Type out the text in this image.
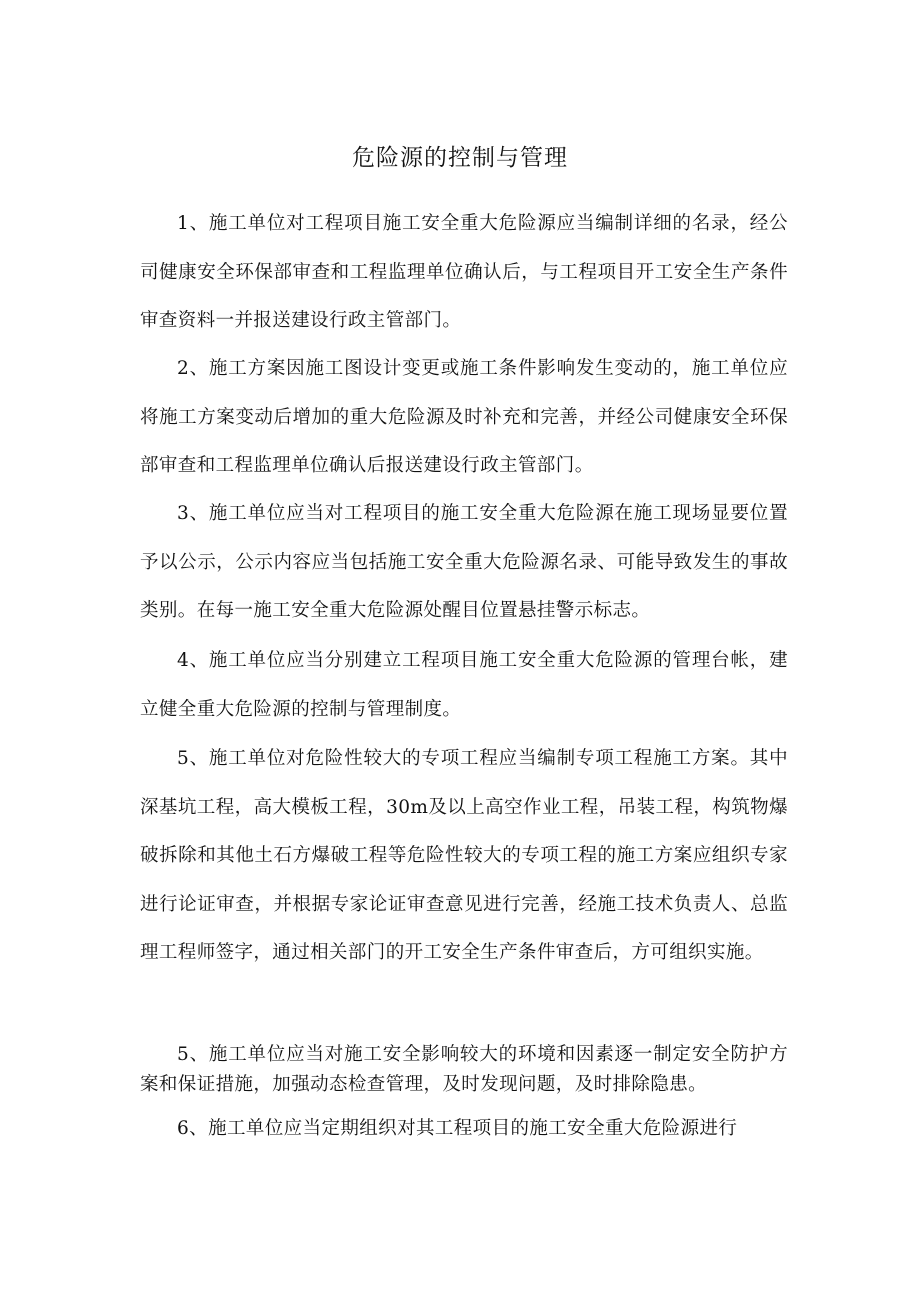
危险源的控制与管理

1、施工单位对工程项目施工安全重大危险源应当编制详细的名录，经公司健康安全环保部审查和工程监理单位确认后，与工程项目开工安全生产条件审查资料一并报送建设行政主管部门。

2、施工方案因施工图设计变更或施工条件影响发生变动的，施工单位应将施工方案变动后增加的重大危险源及时补充和完善，并经公司健康安全环保部审查和工程监理单位确认后报送建设行政主管部门。

3、施工单位应当对工程项目的施工安全重大危险源在施工现场显要位置予以公示，公示内容应当包括施工安全重大危险源名录、可能导致发生的事故类别。在每一施工安全重大危险源处醒目位置悬挂警示标志。

4、施工单位应当分别建立工程项目施工安全重大危险源的管理台帐，建立健全重大危险源的控制与管理制度。

5、施工单位对危险性较大的专项工程应当编制专项工程施工方案。其中深基坑工程，高大模板工程，30m及以上高空作业工程，吊装工程，构筑物爆破拆除和其他土石方爆破工程等危险性较大的专项工程的施工方案应组织专家进行论证审查，并根据专家论证审查意见进行完善，经施工技术负责人、总监理工程师签字，通过相关部门的开工安全生产条件审查后，方可组织实施。

5、施工单位应当对施工安全影响较大的环境和因素逐一制定安全防护方案和保证措施，加强动态检查管理，及时发现问题，及时排除隐患。

6、施工单位应当定期组织对其工程项目的施工安全重大危险源进行
